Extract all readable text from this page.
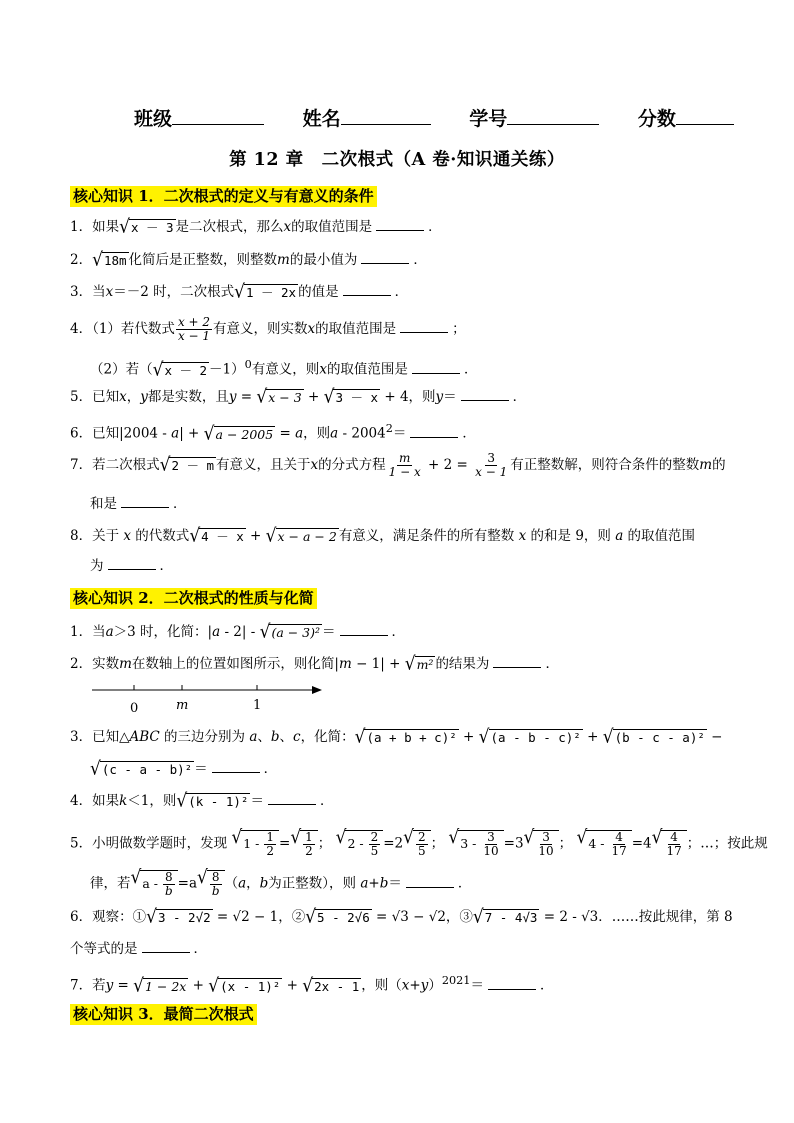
班级	姓名	学号	分数
第 12 章　二次根式（A 卷·知识通关练）
核心知识 1．二次根式的定义与有意义的条件
1．如果 √ x － 3 是二次根式，那么x的取值范围是	．
2． √ 18m 化简后是正整数，则整数m的最小值为	．
3．当x＝－2 时，二次根式 √ 1 － 2x 的值是	．
4．（1）若代数式 $\frac{x + 2}{x - 1}$ 有意义，则实数x的取值范围是	；
（2）若（ √ x － 2 －1）$^0$有意义，则x的取值范围是	．
5．已知x，y都是实数，且y = √ x − 3 + √ 3 － x + 4，则y＝	．
6．已知|2004 - a| + √ a − 2005 = a，则$a - 2004^2=$	．
7．若二次根式 √ 2 － m 有意义，且关于x的分式方程 $\frac{m}{1 - x} + 2 = \frac{3}{x - 1}$ 有正整数解，则符合条件的整数m的
和是	．
8．关于 x 的代数式 √ 4 － x + √ x − a − 2 有意义，满足条件的所有整数 x 的和是 9，则 a 的取值范围
为	．
核心知识 2．二次根式的性质与化简
1．当a＞3 时，化简：|a - 2| - √ (a − 3)² ＝	．
2．实数m在数轴上的位置如图所示，则化简|m − 1| + √ m² 的结果为	．
0	m	1
3．已知△ABC 的三边分别为 a、b、c，化简： √ (a + b + c)² + √ (a - b - c)² + √ (b - c - a)² −
√ (c - a - b)² ＝	．
4．如果k＜1，则 √ (k - 1)² ＝	．
5．小明做数学题时，发现 √ $1 - \frac{1}{2}$ = √ $\frac{1}{2}$ ； √ $2 - \frac{2}{5} =2$ √ $\frac{2}{5}$ ； √ $3 - \frac{3}{10} =3$ √ $\frac{3}{10}$ ； √ $4 - \frac{4}{17} =4$ √ $\frac{4}{17}$ ；…；按此规
律，若 √ $a - \frac{8}{b} =a$ √ $\frac{8}{b} (a$，b为正整数），则 a+b＝	．
6．观察：① √ 3 - 2√2 = √2 − 1，② √ 5 - 2√6 = √3 − √2，③ √ 7 - 4√3 = 2 - √3．……按此规律，第 8
个等式的是	．
7．若y = √ 1 − 2x + √ (x - 1)² + √ 2x - 1 ，则$(x+y)^{2021}=$	．
核心知识 3．最简二次根式
